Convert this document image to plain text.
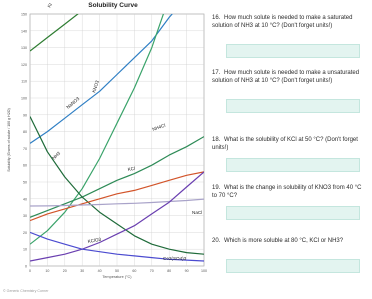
Solubility Curve
0
10
20
30
40
50
60
70
80
90
100
110
120
130
140
150
0	10	20	30	40	50	60	70	80	90	100
Temperature (°C)
Solubility (Grams of solute / 100 g H2O)
KI
NaNO3
KNO3
NH4Cl
NH3
KCl
NaCl
KClO3
Ce2(SO4)3
© Generic Chemistry Corner
16. How much solute is needed to make a saturated solution of NH3 at 10 °C? (Don't forget units!)
17. How much solute is needed to make a unsaturated solution of NH3 at 10 °C? (Don't forget units!)
18. What is the solubility of KCl at 50 °C? (Don't forget units!)
19. What is the change in solubility of KNO3 from 40 °C to 70 °C?
20. Which is more soluble at 80 °C, KCl or NH3?
